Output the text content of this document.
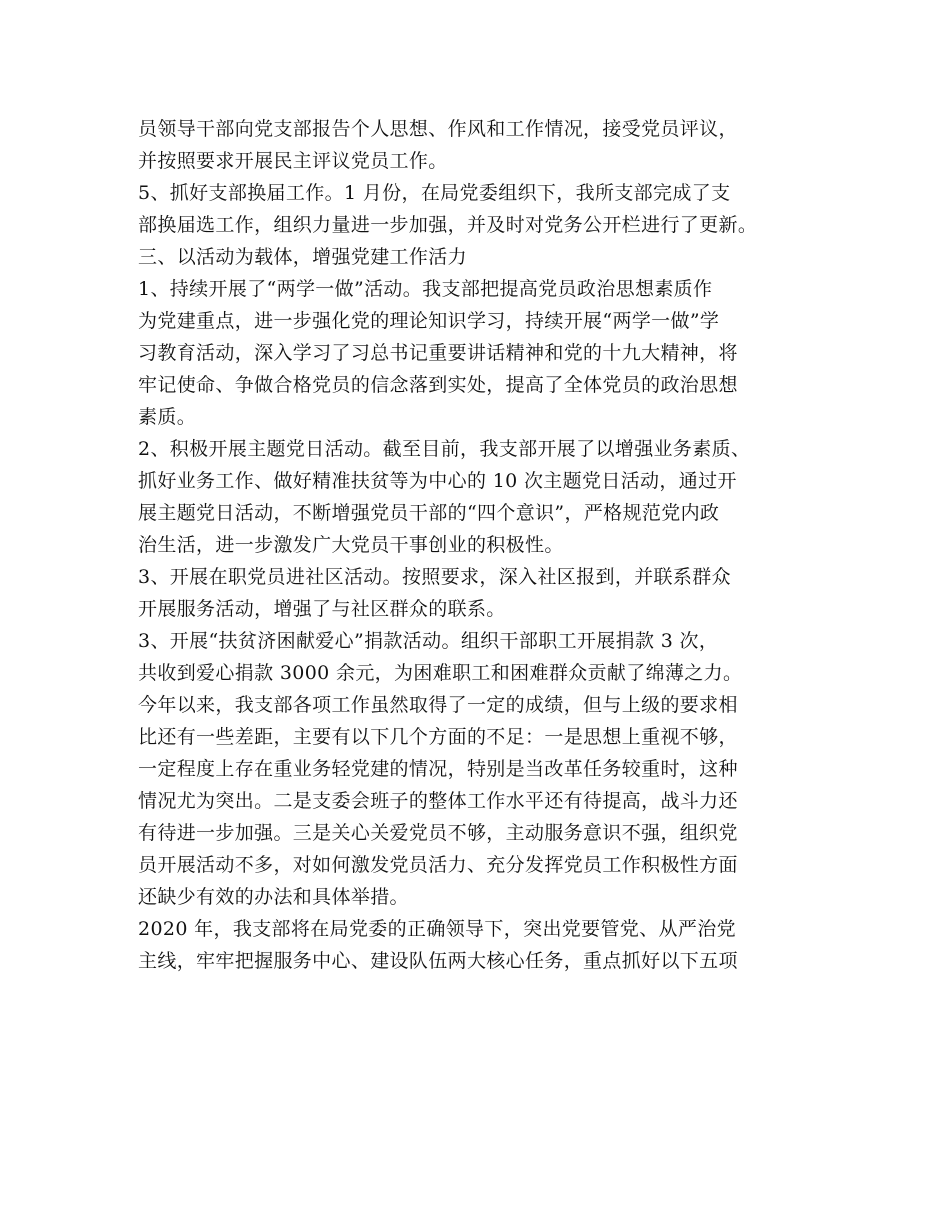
员领导干部向党支部报告个人思想、作风和工作情况，接受党员评议，
并按照要求开展民主评议党员工作。
5、抓好支部换届工作。1 月份，在局党委组织下，我所支部完成了支
部换届选工作，组织力量进一步加强，并及时对党务公开栏进行了更新。
三、以活动为载体，增强党建工作活力
1、持续开展了“两学一做”活动。我支部把提高党员政治思想素质作
为党建重点，进一步强化党的理论知识学习，持续开展“两学一做”学
习教育活动，深入学习了习总书记重要讲话精神和党的十九大精神，将
牢记使命、争做合格党员的信念落到实处，提高了全体党员的政治思想
素质。
2、积极开展主题党日活动。截至目前，我支部开展了以增强业务素质、
抓好业务工作、做好精准扶贫等为中心的 10 次主题党日活动，通过开
展主题党日活动，不断增强党员干部的“四个意识”，严格规范党内政
治生活，进一步激发广大党员干事创业的积极性。
3、开展在职党员进社区活动。按照要求，深入社区报到，并联系群众
开展服务活动，增强了与社区群众的联系。
3、开展“扶贫济困献爱心”捐款活动。组织干部职工开展捐款 3 次，
共收到爱心捐款 3000 余元，为困难职工和困难群众贡献了绵薄之力。
今年以来，我支部各项工作虽然取得了一定的成绩，但与上级的要求相
比还有一些差距，主要有以下几个方面的不足：一是思想上重视不够，
一定程度上存在重业务轻党建的情况，特别是当改革任务较重时，这种
情况尤为突出。二是支委会班子的整体工作水平还有待提高，战斗力还
有待进一步加强。三是关心关爱党员不够，主动服务意识不强，组织党
员开展活动不多，对如何激发党员活力、充分发挥党员工作积极性方面
还缺少有效的办法和具体举措。
2020 年，我支部将在局党委的正确领导下，突出党要管党、从严治党
主线，牢牢把握服务中心、建设队伍两大核心任务，重点抓好以下五项
